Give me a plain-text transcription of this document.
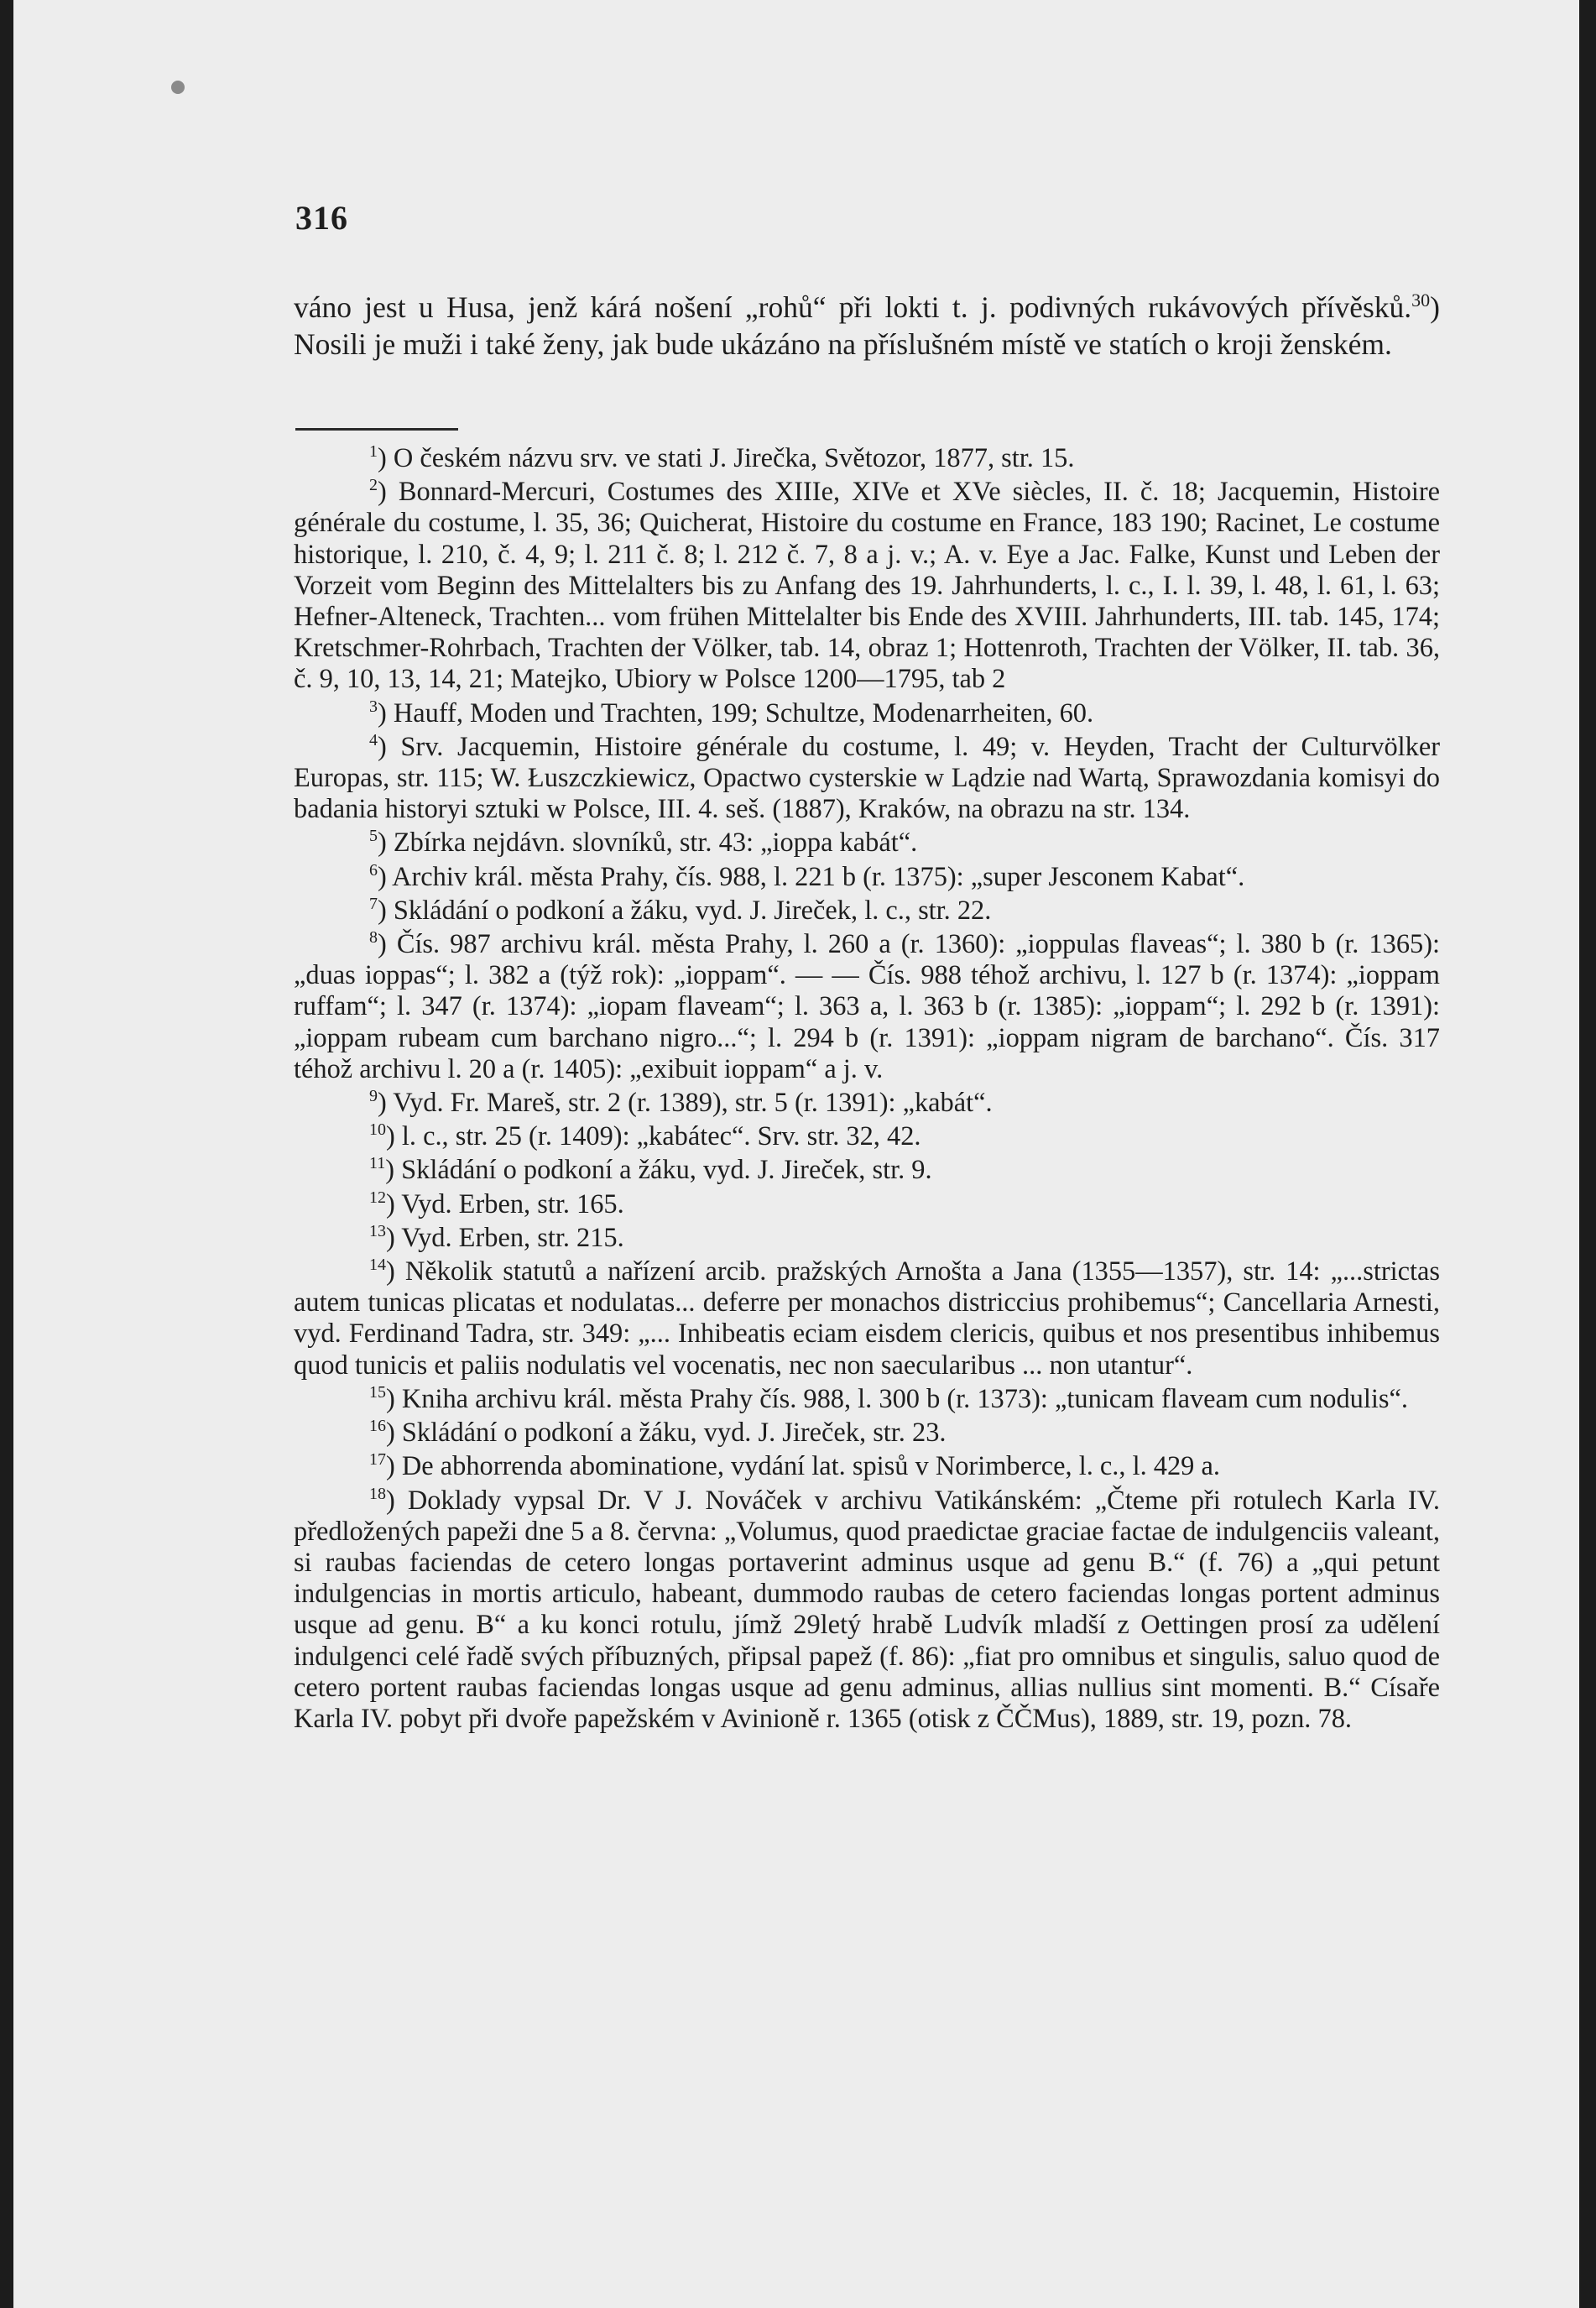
316
váno jest u Husa, jenž kárá nošení „rohů“ při lokti t. j. podivných rukávových přívěsků.$^{30}$) Nosili je muži i také ženy, jak bude ukázáno na příslušném místě ve statích o kroji ženském.

$^1$) O českém názvu srv. ve stati J. Jirečka, Světozor, 1877, str. 15.

$^2$) Bonnard-Mercuri, Costumes des XIIIe, XIVe et XVe siècles, II. č. 18; Jacquemin, Histoire générale du costume, l. 35, 36; Quicherat, Histoire du costume en France, 183 190; Racinet, Le costume historique, l. 210, č. 4, 9; l. 211 č. 8; l. 212 č. 7, 8 a j. v.; A. v. Eye a Jac. Falke, Kunst und Leben der Vorzeit vom Beginn des Mittelalters bis zu Anfang des 19. Jahrhunderts, l. c., I. l. 39, l. 48, l. 61, l. 63; Hefner-Alteneck, Trachten... vom frühen Mittelalter bis Ende des XVIII. Jahrhunderts, III. tab. 145, 174; Kretschmer-Rohrbach, Trachten der Völker, tab. 14, obraz 1; Hottenroth, Trachten der Völker, II. tab. 36, č. 9, 10, 13, 14, 21; Matejko, Ubiory w Polsce 1200—1795, tab 2

$^3$) Hauff, Moden und Trachten, 199; Schultze, Modenarrheiten, 60.

$^4$) Srv. Jacquemin, Histoire générale du costume, l. 49; v. Heyden, Tracht der Culturvölker Europas, str. 115; W. Łuszczkiewicz, Opactwo cysterskie w Lądzie nad Wartą, Sprawozdania komisyi do badania historyi sztuki w Polsce, III. 4. seš. (1887), Kraków, na obrazu na str. 134.

$^5$) Zbírka nejdávn. slovníků, str. 43: „ioppa kabát“.

$^6$) Archiv král. města Prahy, čís. 988, l. 221 b (r. 1375): „super Jesconem Kabat“.

$^7$) Skládání o podkoní a žáku, vyd. J. Jireček, l. c., str. 22.

$^8$) Čís. 987 archivu král. města Prahy, l. 260 a (r. 1360): „ioppulas flaveas“; l. 380 b (r. 1365): „duas ioppas“; l. 382 a (týž rok): „ioppam“. — — Čís. 988 téhož archivu, l. 127 b (r. 1374): „ioppam ruffam“; l. 347 (r. 1374): „iopam flaveam“; l. 363 a, l. 363 b (r. 1385): „ioppam“; l. 292 b (r. 1391): „ioppam rubeam cum barchano nigro...“; l. 294 b (r. 1391): „ioppam nigram de barchano“. Čís. 317 téhož archivu l. 20 a (r. 1405): „exibuit ioppam“ a j. v.

$^9$) Vyd. Fr. Mareš, str. 2 (r. 1389), str. 5 (r. 1391): „kabát“.

$^{10}$) l. c., str. 25 (r. 1409): „kabátec“. Srv. str. 32, 42.

$^{11}$) Skládání o podkoní a žáku, vyd. J. Jireček, str. 9.

$^{12}$) Vyd. Erben, str. 165.

$^{13}$) Vyd. Erben, str. 215.

$^{14}$) Několik statutů a nařízení arcib. pražských Arnošta a Jana (1355—1357), str. 14: „...strictas autem tunicas plicatas et nodulatas... deferre per monachos districcius prohibemus“; Cancellaria Arnesti, vyd. Ferdinand Tadra, str. 349: „... Inhibeatis eciam eisdem clericis, quibus et nos presentibus inhibemus quod tunicis et paliis nodulatis vel vocenatis, nec non saecularibus ... non utantur“.

$^{15}$) Kniha archivu král. města Prahy čís. 988, l. 300 b (r. 1373): „tunicam flaveam cum nodulis“.

$^{16}$) Skládání o podkoní a žáku, vyd. J. Jireček, str. 23.

$^{17}$) De abhorrenda abominatione, vydání lat. spisů v Norimberce, l. c., l. 429 a.

$^{18}$) Doklady vypsal Dr. V J. Nováček v archivu Vatikánském: „Čteme při rotulech Karla IV. předložených papeži dne 5 a 8. června: „Volumus, quod praedictae graciae factae de indulgenciis valeant, si raubas faciendas de cetero longas portaverint adminus usque ad genu B.“ (f. 76) a „qui petunt indulgencias in mortis articulo, habeant, dummodo raubas de cetero faciendas longas portent adminus usque ad genu. B“ a ku konci rotulu, jímž 29letý hrabě Ludvík mladší z Oettingen prosí za udělení indulgenci celé řadě svých příbuzných, připsal papež (f. 86): „fiat pro omnibus et singulis, saluo quod de cetero portent raubas faciendas longas usque ad genu adminus, allias nullius sint momenti. B.“ Císaře Karla IV. pobyt při dvoře papežském v Avinioně r. 1365 (otisk z ČČMus), 1889, str. 19, pozn. 78.
